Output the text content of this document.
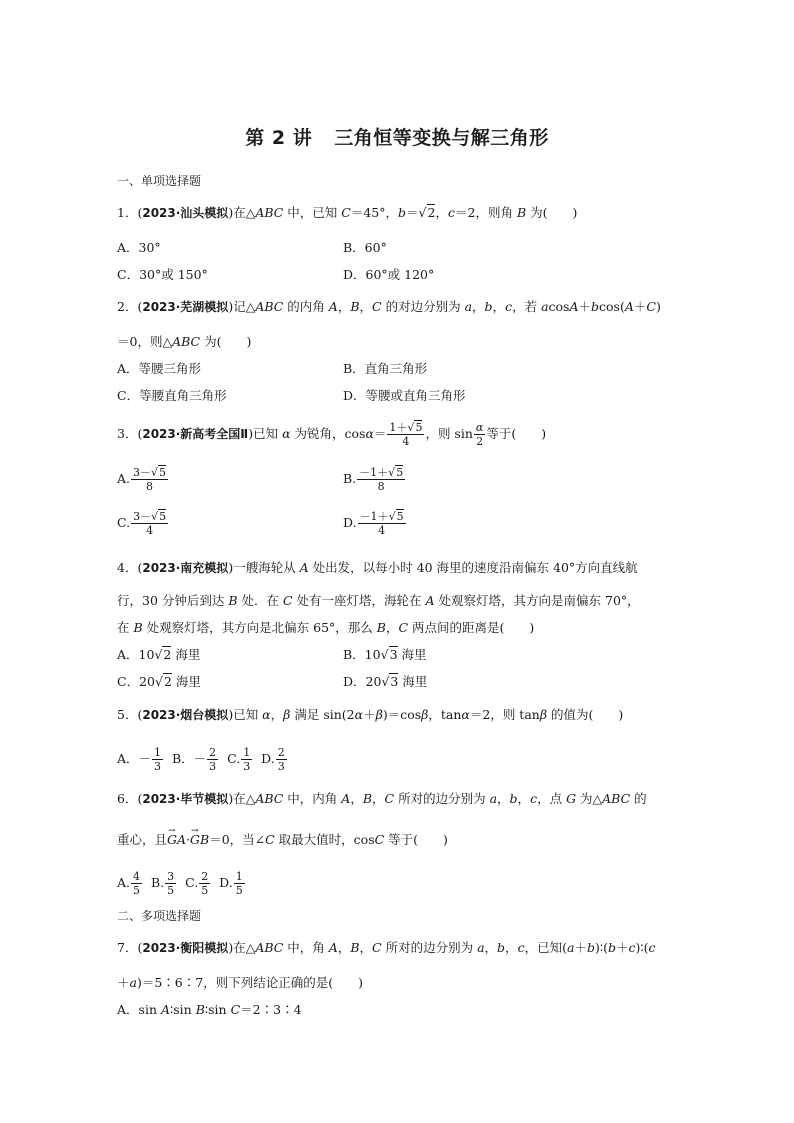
第 2 讲 三角恒等变换与解三角形
一、单项选择题
1．(2023·汕头模拟)在△ABC 中，已知 C＝45°，b＝√2，c＝2，则角 B 为(　　)
A．30°	B．60°
C．30°或 150°	D．60°或 120°
2．(2023·芜湖模拟)记△ABC 的内角 A，B，C 的对边分别为 a，b，c，若 acosA＋bcos(A＋C)
＝0，则△ABC 为(　　)
A．等腰三角形	B．直角三角形
C．等腰直角三角形	D．等腰或直角三角形
3．(2023·新高考全国Ⅱ)已知 α 为锐角，$\cos\alpha= \frac{1+√5}{4}$ ，则 $\sin \frac{\alpha}{2}$ 等于(　　)
A. $\frac{3-√5}{8}$	B. $\frac{-1+√5}{8}$
C. $\frac{3-√5}{4}$	D. $\frac{-1+√5}{4}$
4．(2023·南充模拟)一艘海轮从 A 处出发，以每小时 40 海里的速度沿南偏东 40°方向直线航
行，30 分钟后到达 B 处．在 C 处有一座灯塔，海轮在 A 处观察灯塔，其方向是南偏东 70°，
在 B 处观察灯塔，其方向是北偏东 65°，那么 B，C 两点间的距离是(　　)
A．10√2 海里	B．10√3 海里
C．20√2 海里	D．20√3 海里
5．(2023·烟台模拟)已知 α，β 满足 sin(2α＋β)＝cosβ，tanα＝2，则 tanβ 的值为(　　)
A．－ $\frac{1}{3}$ B．－ $\frac{2}{3} C$. $\frac{1}{3} D$. $\frac{2}{3}$
6．(2023·毕节模拟)在△ABC 中，内角 A，B，C 所对的边分别为 a，b，c，点 G 为△ABC 的
重心，且→ GA·→ GB＝0，当∠C 取最大值时，cosC 等于(　　)
A. $\frac{4}{5} B$. $\frac{3}{5} C$. $\frac{2}{5} D$. $\frac{1}{5}$
二、多项选择题
7．(2023·衡阳模拟)在△ABC 中，角 A，B，C 所对的边分别为 a，b，c，已知(a＋b)∶(b＋c)∶(c
＋a)＝5∶6∶7，则下列结论正确的是(　　)
A．sin A∶sin B∶sin C＝2∶3∶4
